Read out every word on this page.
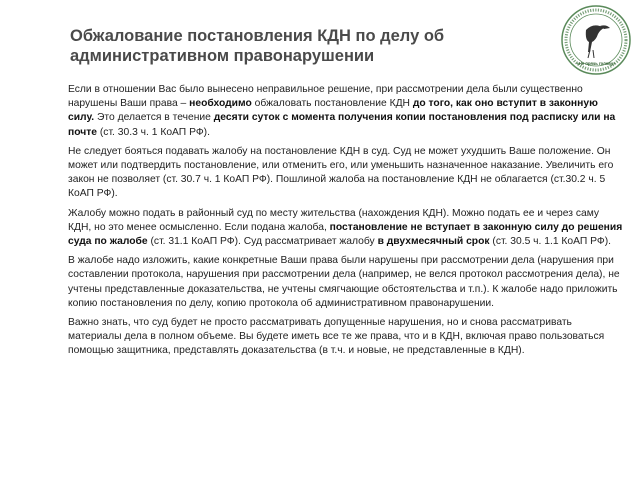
Обжалование постановления КДН по делу об
административном правонарушении	«Не прячь голову»

Если в отношении Вас было вынесено неправильное решение, при рассмотрении дела были существенно нарушены Ваши права – необходимо обжаловать постановление КДН до того, как оно вступит в законную силу. Это делается в течение десяти суток с момента получения копии постановления под расписку или на почте (ст. 30.3 ч. 1 КоАП РФ).

Не следует бояться подавать жалобу на постановление КДН в суд. Суд не может ухудшить Ваше положение. Он может или подтвердить постановление, или отменить его, или уменьшить назначенное наказание. Увеличить его закон не позволяет (ст. 30.7 ч. 1 КоАП РФ). Пошлиной жалоба на постановление КДН не облагается (ст.30.2 ч. 5 КоАП РФ).

Жалобу можно подать в районный суд по месту жительства (нахождения КДН). Можно подать ее и через саму КДН, но это менее осмысленно. Если подана жалоба, постановление не вступает в законную силу до решения суда по жалобе (ст. 31.1 КоАП РФ). Суд рассматривает жалобу в двухмесячный срок (ст. 30.5 ч. 1.1 КоАП РФ).

В жалобе надо изложить, какие конкретные Ваши права были нарушены при рассмотрении дела (нарушения при составлении протокола, нарушения при рассмотрении дела (например, не велся протокол рассмотрения дела), не учтены представленные доказательства, не учтены смягчающие обстоятельства и т.п.). К жалобе надо приложить копию постановления по делу, копию протокола об административном правонарушении.

Важно знать, что суд будет не просто рассматривать допущенные нарушения, но и снова рассматривать материалы дела в полном объеме. Вы будете иметь все те же права, что и в КДН, включая право пользоваться помощью защитника, представлять доказательства (в т.ч. и новые, не представленные в КДН).
